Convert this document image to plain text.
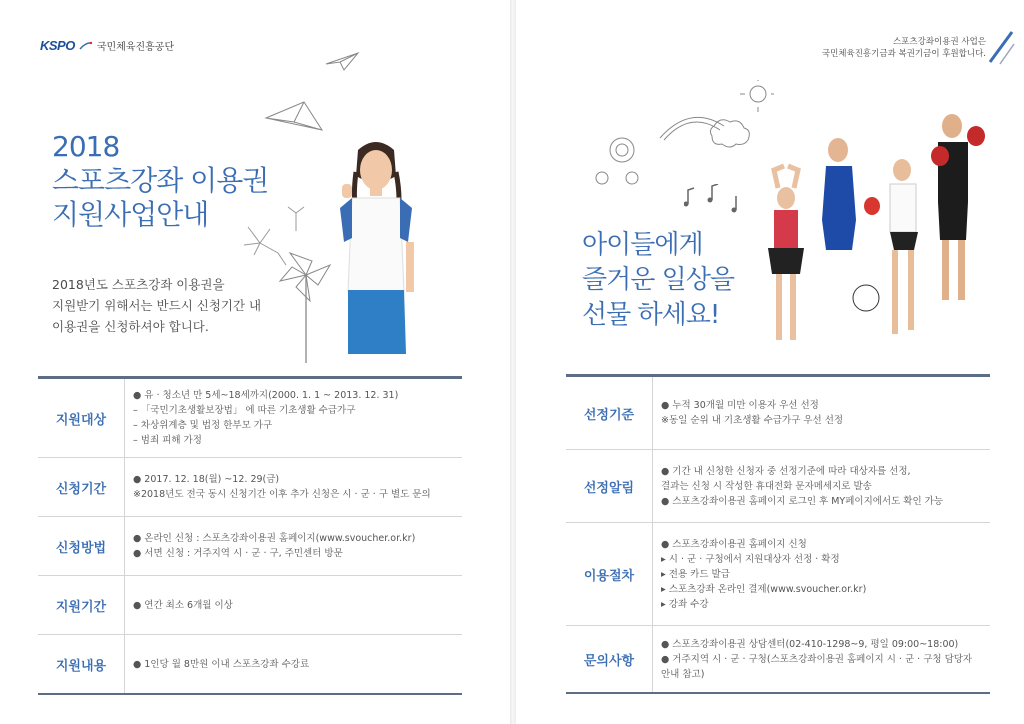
KSPO 국민체육진흥공단
2018
스포츠강좌 이용권
지원사업안내
2018년도 스포츠강좌 이용권을
지원받기 위해서는 반드시 신청기간 내
이용권을 신청하셔야 합니다.
지원대상
● 유 · 청소년 만 5세~18세까지(2000. 1. 1 ~ 2013. 12. 31)
– 「국민기초생활보장법」 에 따른 기초생활 수급가구
– 차상위계층 및 법정 한부모 가구
– 범죄 피해 가정
신청기간
● 2017. 12. 18(월) ~12. 29(금)
※2018년도 전국 동시 신청기간 이후 추가 신청은 시 · 군 · 구 별도 문의
신청방법
● 온라인 신청 : 스포츠강좌이용권 홈페이지(www.svoucher.or.kr)
● 서면 신청 : 거주지역 시 · 군 · 구, 주민센터 방문
지원기간	● 연간 최소 6개월 이상
지원내용	● 1인당 월 8만원 이내 스포츠강좌 수강료
스포츠강좌이용권 사업은
국민체육진흥기금과 복권기금이 후원합니다.
아이들에게
즐거운 일상을
선물 하세요!
선정기준
● 누적 30개월 미만 이용자 우선 선정
※동일 순위 내 기초생활 수급가구 우선 선정
선정알림
● 기간 내 신청한 신청자 중 선정기준에 따라 대상자를 선정,
결과는 신청 시 작성한 휴대전화 문자메세지로 발송
● 스포츠강좌이용권 홈페이지 로그인 후 MY페이지에서도 확인 가능
이용절차
● 스포츠강좌이용권 홈페이지 신청
▸ 시 · 군 · 구청에서 지원대상자 선정 · 확정
▸ 전용 카드 발급
▸ 스포츠강좌 온라인 결제(www.svoucher.or.kr)
▸ 강좌 수강
문의사항
● 스포츠강좌이용권 상담센터(02-410-1298~9, 평일 09:00~18:00)
● 거주지역 시 · 군 · 구청(스포츠강좌이용권 홈페이지 시 · 군 · 구청 담당자
안내 참고)
